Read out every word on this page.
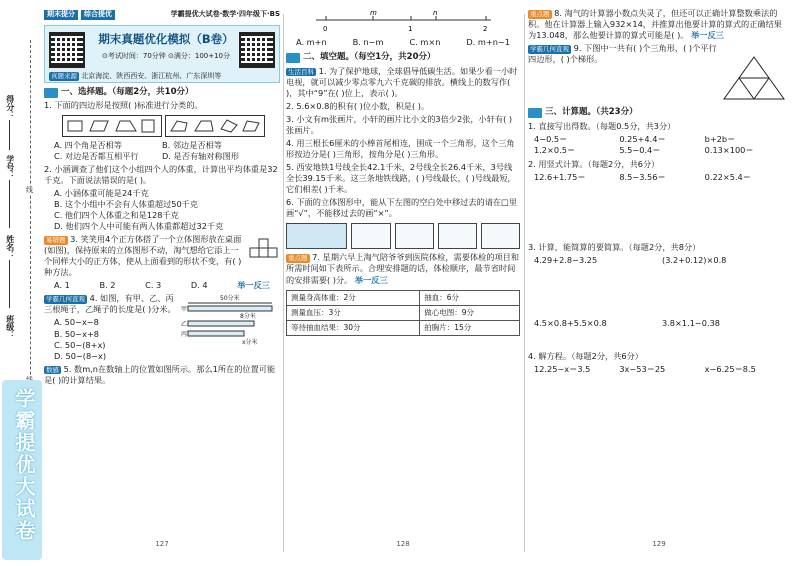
得分：
学号：
姓名：
班级：
线
学霸提优大试卷
期末提分	综合提优	学霸提优大试卷·数学·四年级下·BS
期末真题优化模拟（B卷）
⊙考试时间：70分钟 ⊙满分：100+10分
真题来源 北京海淀、陕西西安、浙江杭州、广东深圳等
一、选择题。（每题2分，共10分）
1. 下面的四边形是按照( )标准进行分类的。
A. 四个角是否相等	B. 邻边是否相等
C. 对边是否都互相平行	D. 是否有轴对称图形
2. 小涵调查了他们这个小组四个人的体重，计算出平均体重是32千克。下面说法错误的是( )。
A. 小涵体重可能是24千克
B. 这个小组中不会有人体重超过50千克
C. 他们四个人体重之和是128千克
D. 他们四个人中可能有两人体重都超过32千克
易错题 3. 笑笑用4个正方体搭了一个立体图形放在桌面(如图)，保持原来的立体图形不动，淘气想给它添上一个同样大小的正方体，使从上面看到的形状不变，有( )种方法。
A. 1	B. 2	C. 3	D. 4	举一反三
学霸几何直观 4. 如图，有甲、乙、丙三根绳子，乙绳子的长度是( )分米。
50分米
8分米
甲
乙
丙
x分米
A. 50−x−8
B. 50−x+8
C. 50−(8+x)
D. 50−(8−x)
数感 5. 数m,n在数轴上的位置如图所示。那么1所在的位置可能是( )的计算结果。
127
0
m
1
n
2
A. m+n	B. n−m	C. m×n	D. m+n−1
二、填空题。（每空1分，共20分）
生活百科 1. 为了保护地球，全球倡导低碳生活。如果少看一小时电视，就可以减少零点零九六千克碳的排放。横线上的数写作( )，其中“9”在( )位上，表示( )。
2. 5.6×0.8的积有( )位小数，积是( )。
3. 小文有m张画片，小轩的画片比小文的3倍少2张，小轩有( )张画片。
4. 用三根长6厘米的小棒首尾相连，围成一个三角形，这个三角形按边分是( )三角形，按角分是( )三角形。
5. 西安地铁1号线全长42.1千米，2号线全长26.4千米，3号线全长39.15千米。这三条地铁线路，( )号线最长，( )号线最短，它们相差( )千米。
6. 下面的立体图形中，能从下左图的空白处中移过去的请在□里画“√”，不能移过去的画“×”。
重点题 7. 星期六早上淘气陪爷爷到医院体检，需要体检的项目和所需时间如下表所示。合理安排题的话，体检顺序，最节省时间的安排需要( )分。 举一反三
测量身高体重：2分	抽血：6分
测量血压：3分	做心电图：9分
等待抽血结果：30分	拍胸片：15分
128
重点题 8. 淘气的计算器小数点失灵了，但还可以正确计算整数乘法的积。他在计算器上输入932×14，并推算出他要计算的算式的正确结果为13.048，那么他要计算的算式可能是( )。 举一反三
学霸几何直观 9. 下图中一共有( )个三角形，( )个平行四边形，( )个梯形。
三、计算题。（共23分）
1. 直接写出得数。（每题0.5分，共3分）
4−0.5＝	0.25+4.4＝	b+2b＝
1.2×0.5＝	5.5−0.4＝	0.13×100＝
2. 用竖式计算。（每题2分，共6分）
12.6+1.75＝	8.5−3.56＝	0.22×5.4＝
3. 计算，能简算的要简算。（每题2分，共8分）
4.29+2.8−3.25	(3.2+0.12)×0.8
4.5×0.8+5.5×0.8	3.8×1.1−0.38
4. 解方程。（每题2分，共6分）
12.25−x＝3.5	3x−53＝25	x−6.25＝8.5
129
